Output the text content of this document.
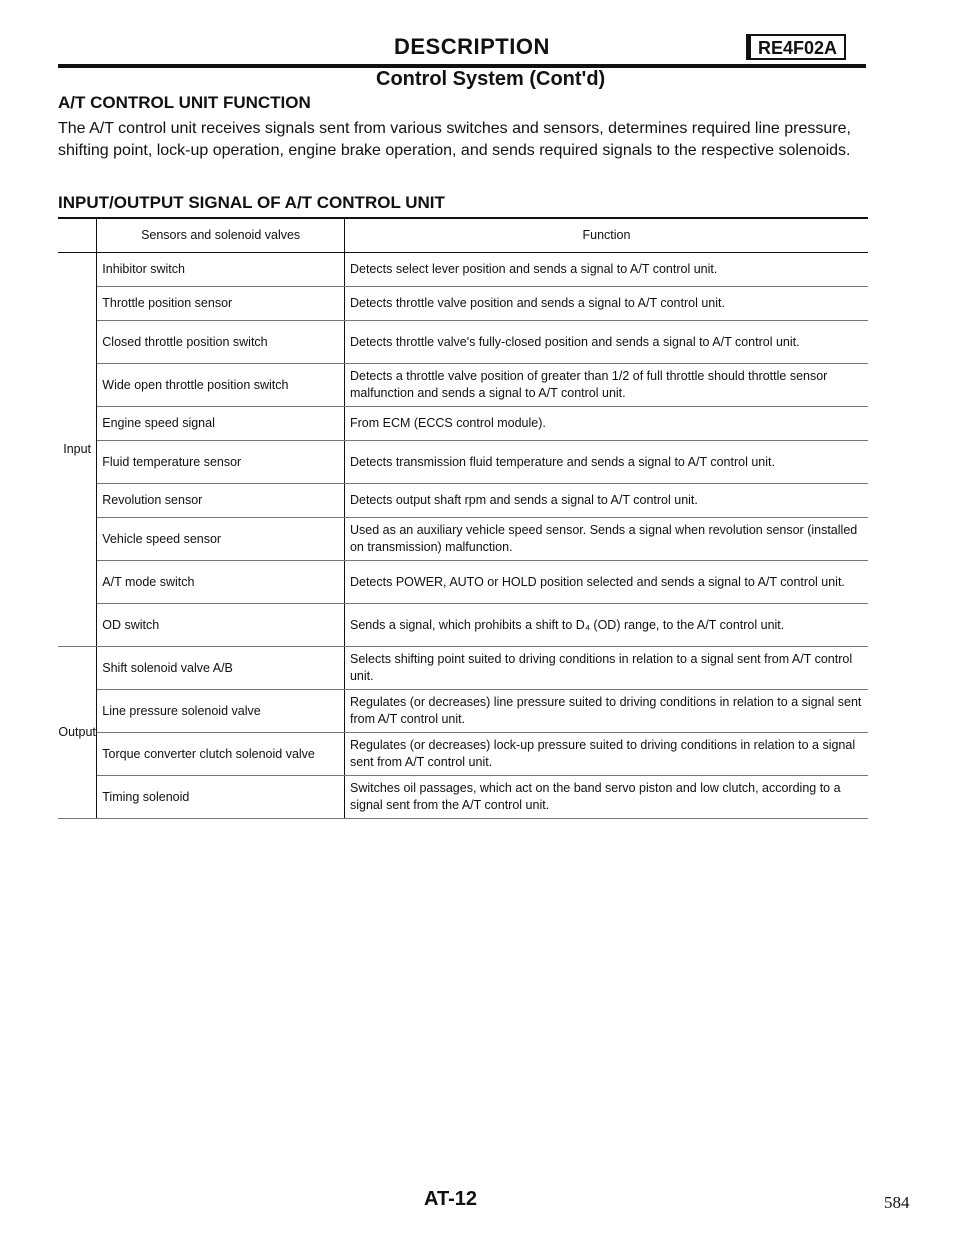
DESCRIPTION	RE4F02A
Control System (Cont'd)
A/T CONTROL UNIT FUNCTION

The A/T control unit receives signals sent from various switches and sensors, determines required line pressure, shifting point, lock-up operation, engine brake operation, and sends required signals to the respective solenoids.

INPUT/OUTPUT SIGNAL OF A/T CONTROL UNIT
	Sensors and solenoid valves	Function
Input	Inhibitor switch	Detects select lever position and sends a signal to A/T control unit.
	Throttle position sensor	Detects throttle valve position and sends a signal to A/T control unit.
	Closed throttle position switch	Detects throttle valve's fully-closed position and sends a signal to A/T control unit.
	Wide open throttle position switch	Detects a throttle valve position of greater than 1/2 of full throttle should throttle sensor malfunction and sends a signal to A/T control unit.
	Engine speed signal	From ECM (ECCS control module).
	Fluid temperature sensor	Detects transmission fluid temperature and sends a signal to A/T control unit.
	Revolution sensor	Detects output shaft rpm and sends a signal to A/T control unit.
	Vehicle speed sensor	Used as an auxiliary vehicle speed sensor. Sends a signal when revolution sensor (installed on transmission) malfunction.
	A/T mode switch	Detects POWER, AUTO or HOLD position selected and sends a signal to A/T control unit.
	OD switch	Sends a signal, which prohibits a shift to D₄ (OD) range, to the A/T control unit.
Output	Shift solenoid valve A/B	Selects shifting point suited to driving conditions in relation to a signal sent from A/T control unit.
	Line pressure solenoid valve	Regulates (or decreases) line pressure suited to driving conditions in relation to a signal sent from A/T control unit.
	Torque converter clutch solenoid valve	Regulates (or decreases) lock-up pressure suited to driving conditions in relation to a signal sent from A/T control unit.
	Timing solenoid	Switches oil passages, which act on the band servo piston and low clutch, according to a signal sent from the A/T control unit.
AT-12	584
